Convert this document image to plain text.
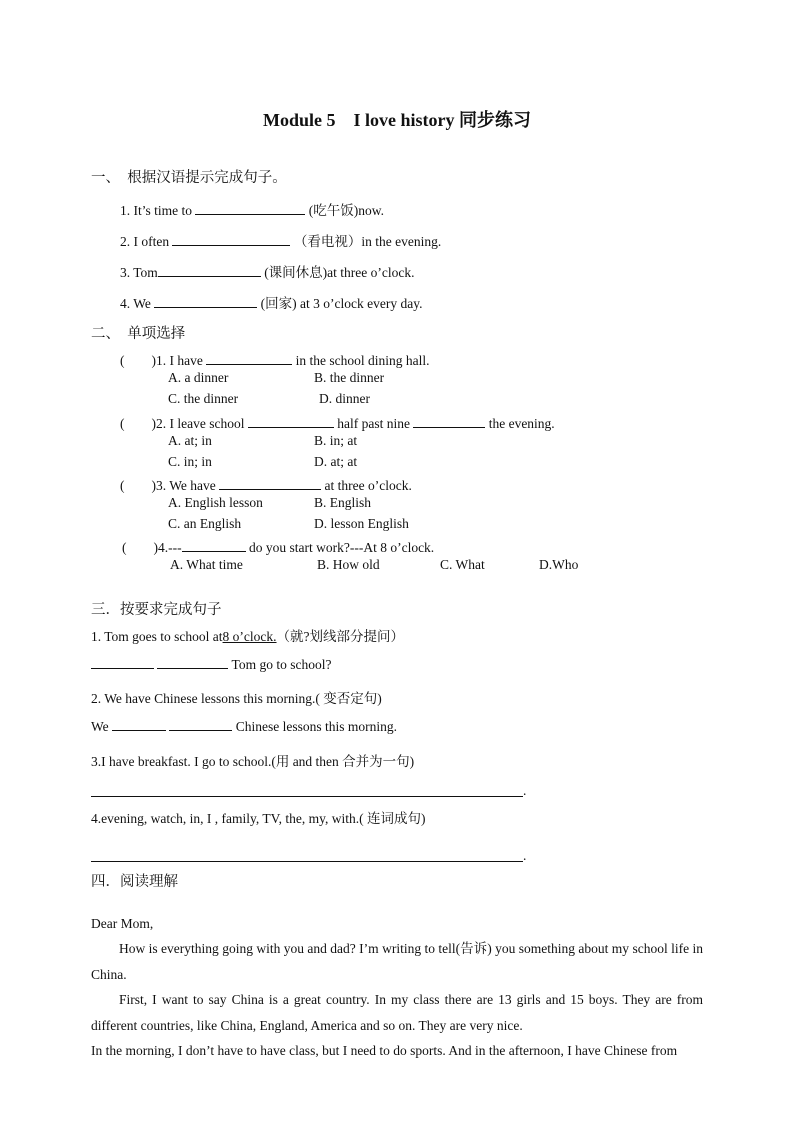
Module 5　I love history 同步练习
一、　根据汉语提示完成句子。
1. It’s time to	(吃午饭)now.
2. I often	（看电视）in the evening.
3. Tom	(课间休息)at three o’clock.
4. We	(回家) at 3 o’clock every day.
二、　单项选择
(　　)1. I have	in the school dining hall.
A. a dinner	B. the dinner
C. the dinner	D. dinner
(　　)2. I leave school	half past nine	the evening.
A. at; in	B. in; at
C. in; in	D. at; at
(　　)3. We have	at three o’clock.
A. English lesson	B. English
C. an English	D. lesson English
(　　)4.---	do you start work?---At 8 o’clock.
A. What time	B. How old	C. What	D.Who
三．按要求完成句子
1. Tom goes to school at8 o’clock.（就?划线部分提问）
Tom go to school?
2. We have Chinese lessons this morning.( 变否定句)
We	Chinese lessons this morning.
3.I have breakfast. I go to school.(用 and then 合并为一句)
.
4.evening, watch, in, I , family, TV, the, my, with.( 连词成句)
.
四．阅读理解
Dear Mom,
How is everything going with you and dad? I’m writing to tell(告诉) you something about my school life in China.
First, I want to say China is a great country. In my class there are 13 girls and 15 boys. They are from different countries, like China, England, America and so on. They are very nice.
In the morning, I don’t have to have class, but I need to do sports. And in the afternoon, I have Chinese from
